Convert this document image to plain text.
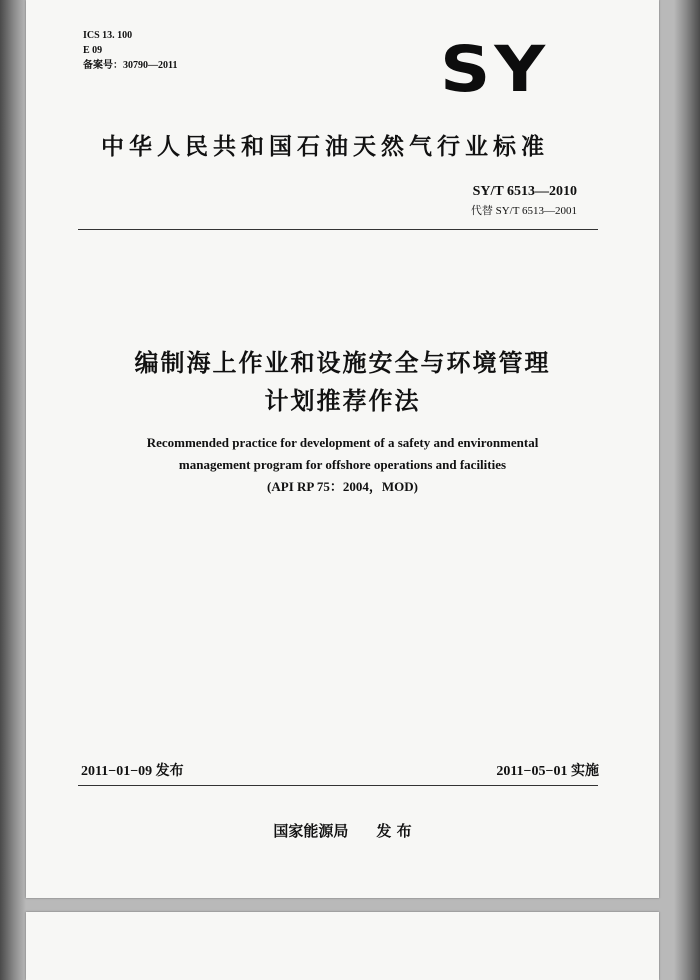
ICS 13. 100
E 09
备案号：30790—2011	SY
中华人民共和国石油天然气行业标准
SY/T 6513—2010
代替 SY/T 6513—2001
编制海上作业和设施安全与环境管理
计划推荐作法
Recommended practice for development of a safety and environmental
management program for offshore operations and facilities
(API RP 75：2004，MOD)
2011−01−09 发布	2011−05−01 实施
国家能源局 发 布
